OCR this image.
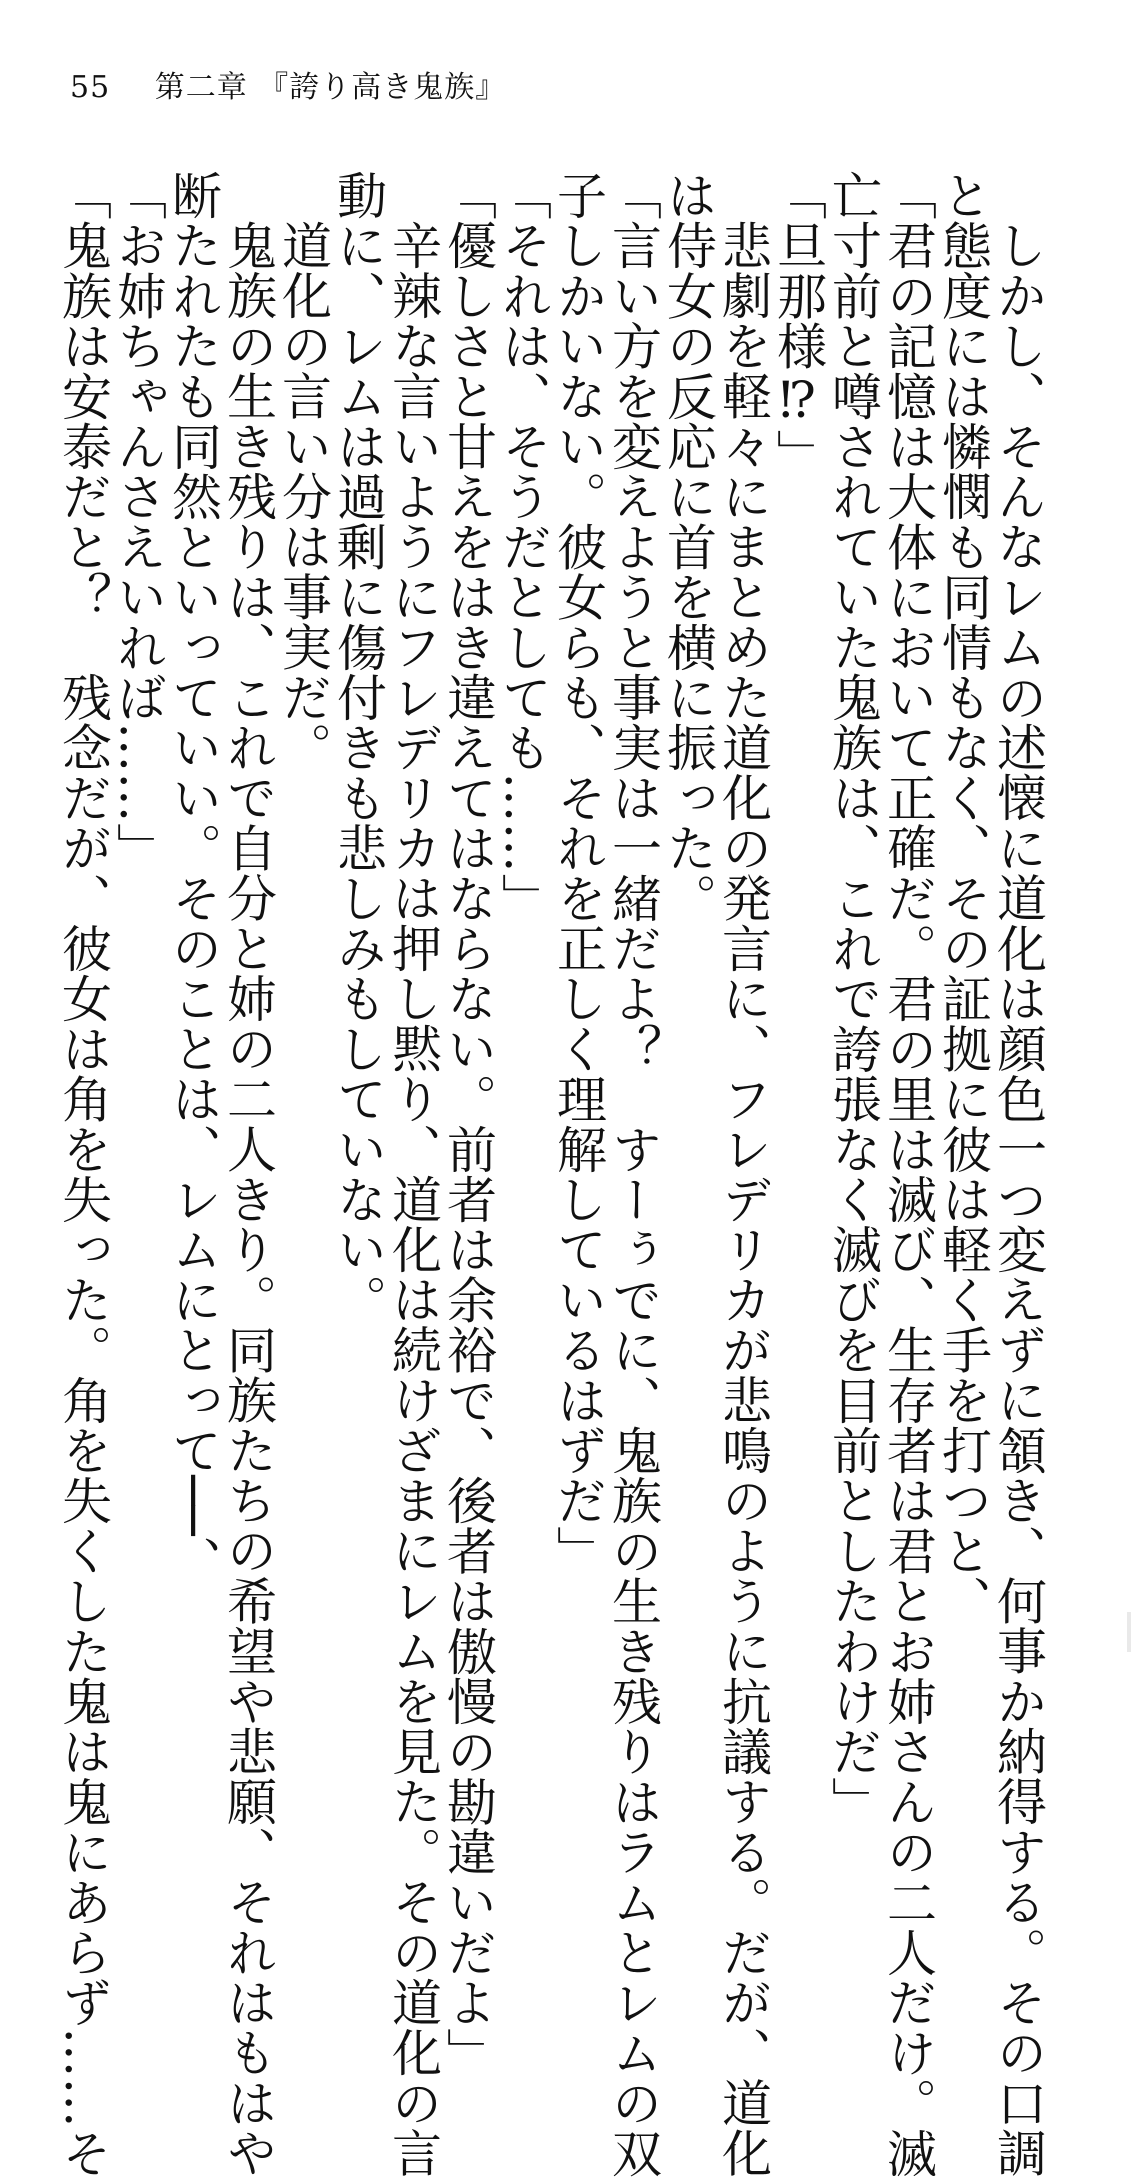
55 第二章 『誇り高き鬼族』
しかし、そんなレムの述懐に道化は顔色一つ変えずに頷き、何事か納得する。その口調
と態度には憐憫も同情もなく、その証拠に彼は軽く手を打つと、
「君の記憶は大体において正確だ。君の里は滅び、生存者は君とお姉さんの二人だけ。滅
亡寸前と噂されていた鬼族は、これで誇張なく滅びを目前としたわけだ」
「旦那様⁉」
悲劇を軽々にまとめた道化の発言に、フレデリカが悲鳴のように抗議する。だが、道化
は侍女の反応に首を横に振った。
「言い方を変えようと事実は一緒だよ？　すーぅでに、鬼族の生き残りはラムとレムの双
子しかいない。彼女らも、それを正しく理解しているはずだ」
「それは、そうだとしても……」
「優しさと甘えをはき違えてはならない。前者は余裕で、後者は傲慢の勘違いだよ」
辛辣な言いようにフレデリカは押し黙り、道化は続けざまにレムを見た。その道化の言
動に、レムは過剰に傷付きも悲しみもしていない。
道化の言い分は事実だ。
鬼族の生き残りは、これで自分と姉の二人きり。同族たちの希望や悲願、それはもはや
断たれたも同然といっていい。そのことは、レムにとって──、
「お姉ちゃんさえいれば……」
「鬼族は安泰だと？　残念だが、彼女は角を失った。角を失くした鬼は鬼にあらず……そ
